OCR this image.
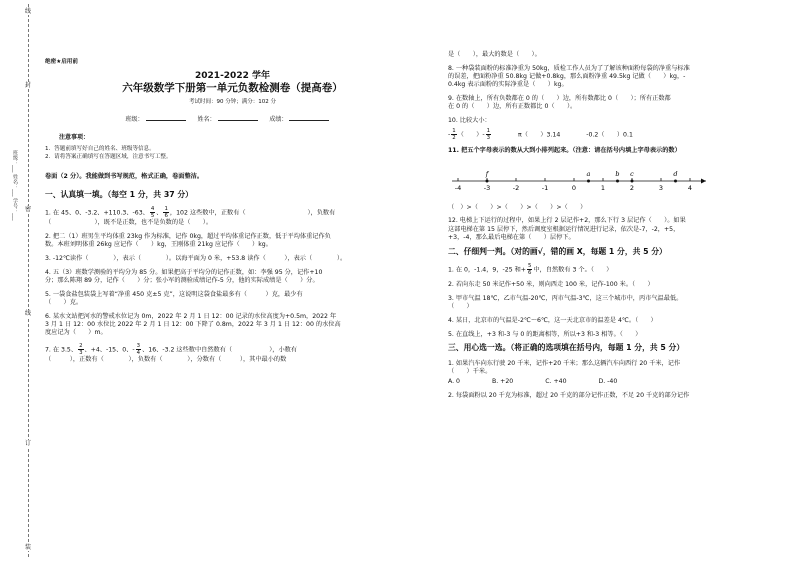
线
封
密
线
订
装
班级：___ 姓名：___ 学号：___
绝密★启用前
2021-2022 学年
六年级数学下册第一单元负数检测卷（提高卷）
考试时间：90 分钟；满分：102 分
班级：	姓名：	成绩：
注意事项：
1．答题前填写好自己的姓名、班级等信息。
2．请将答案正确填写在答题区域，注意书写工整。
卷面（2 分）。我能做到书写规范，格式正确，卷面整洁。
一、认真填一填。（每空 1 分，共 37 分）
1. 在 45、0、-3.2、+110.3、-63、 $\frac{4}{5}$ 、 $\frac{1}{6}$ ，102 这些数中，正数有（　　　　　　　　　　），负数有
（　　　　　　　），既不是正数，也不是负数的是（　　）。
2. 把二（1）班男生平均体重 23kg 作为标准，记作 0kg，超过平均体重记作正数，低于平均体重记作负
数。本班刘明体重 26kg 应记作（　　）kg，王刚体重 21kg 应记作（　　）kg。
3. -12℃读作（　　　　），表示（　　　　）。以海平面为 0 米，+53.8 读作（　　　），表示（　　　　）。
4. 五（3）班数学测验的平均分为 85 分。如果把高于平均分的记作正数，如：李强 95 分，记作+10
分；那么陈翔 89 分，记作（　　）分；张小军的测验成绩记作-5 分，他的实际成绩是（　　）分。
5. 一袋食盐包装袋上写着“净重 450 克±5 克”，这说明这袋食盐最多有（　　　）克，最少有
（　　）克。
6. 某水文站把河水的警戒水位记为 0m，2022 年 2 月 1 日 12：00 记录的水位高度为+0.5m，2022 年
3 月 1 日 12：00 水位比 2022 年 2 月 1 日 12：00 下降了 0.8m，2022 年 3 月 1 日 12：00 的水位高
度应记为（　　）m。
7. 在 3.5、 $\frac{2}{3}$ 、+4、-15、0、- $\frac{3}{4}$ 、16、-3.2 这些数中自然数有（　　　　　　），小数有
（　　　），正数有（　　　　），负数有（　　　　），分数有（　　　），其中最小的数
是（　　），最大的数是（　　）。
8. 一种袋装面粉的标准净重为 50kg，质检工作人员为了了解该种面粉每袋的净重与标准
的误差，把面粉净重 50.8kg 记做+0.8kg，那么面粉净重 49.5kg 记做（　　）kg，-
0.4kg 表示面粉的实际净重是（　　）kg。
9. 在数轴上，所有负数都在 0 的（　　）边，所有数都比 0（　　）；所有正数都
在 0 的（　　）边，所有正数都比 0（　　）。
10. 比较大小：
- $\frac{1}{2}$ （　　）- $\frac{1}{3}$	π（　　）3.14	-0.2（　　）0.1
11. 把五个字母表示的数从大到小排列起来。（注意：请在括号内填上字母表示的数）
-4	-3	-2	-1	0	1	2	3	4
f	a	b c	d
（　）>（　　）>（　　）>（　　）>（　　）
12. 电梯上下运行的过程中，如果上行 2 层记作+2，那么下行 3 层记作（　　）。如果
这部电梯在第 15 层停下，然后调度室根据运行情况进行记录，依次是-7，-2，+5，
+3，-4，那么最后电梯在第（　　）层停下。
二、仔细判一判。（对的画√，错的画 X，每题 1 分，共 5 分）
1. 在 0，-1.4，9，-25 和+ $\frac{5}{6}$ 中，自然数有 3 个。（　　）
2. 若向东走 50 米记作+50 米，则向西走 100 米，记作-100 米。（　　）
3. 甲市气温 18℃，乙市气温-20℃，丙市气温-3℃，这三个城市中，丙市气温最低。
（　　）
4. 某日，北京市的气温是-2℃～6℃，这一天北京市的温差是 4℃。（　　）
5. 在直线上，+3 和-3 与 0 的距离相等，所以+3 和-3 相等。（　　）
三、用心选一选。（将正确的选项填在括号内，每题 1 分，共 5 分）
1. 如果汽车向东行驶 20 千米，记作+20 千米；那么这辆汽车向西行 20 千米，记作
（　　）千米。
A. 0	B. +20	C. +40	D. -40
2. 每袋面粉以 20 千克为标准，超过 20 千克的部分记作正数，不足 20 千克的部分记作
